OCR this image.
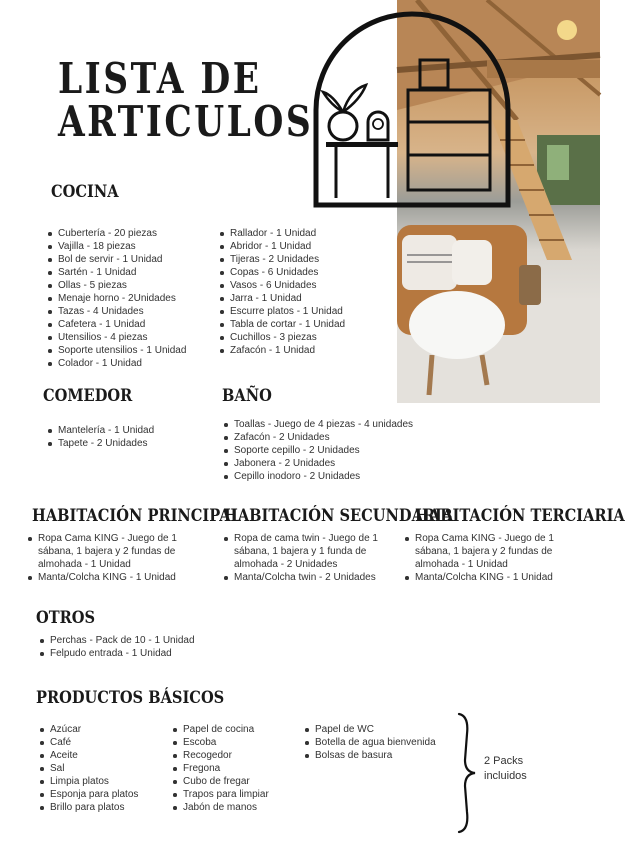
LISTA DE
ARTICULOS
COCINA
Cubertería - 20 piezas
Vajilla - 18 piezas
Bol de servir - 1 Unidad
Sartén - 1 Unidad
Ollas - 5 piezas
Menaje horno - 2Unidades
Tazas - 4 Unidades
Cafetera - 1 Unidad
Utensilios - 4 piezas
Soporte utensilios - 1 Unidad
Colador - 1 Unidad
Rallador - 1 Unidad
Abridor - 1 Unidad
Tijeras - 2 Unidades
Copas - 6 Unidades
Vasos - 6 Unidades
Jarra - 1 Unidad
Escurre platos - 1 Unidad
Tabla de cortar - 1 Unidad
Cuchillos - 3 piezas
Zafacón - 1 Unidad
COMEDOR
Mantelería - 1 Unidad
Tapete - 2 Unidades
BAÑO
Toallas - Juego de 4 piezas - 4 unidades
Zafacón - 2 Unidades
Soporte cepillo - 2 Unidades
Jabonera - 2 Unidades
Cepillo inodoro - 2 Unidades
HABITACIÓN PRINCIPAL
Ropa Cama KING - Juego de 1 sábana, 1 bajera y 2 fundas de almohada - 1 Unidad
Manta/Colcha KING - 1 Unidad
HABITACIÓN SECUNDARIA
Ropa de cama twin - Juego de 1 sábana, 1 bajera y 1 funda de almohada - 2 Unidades
Manta/Colcha twin - 2 Unidades
HABITACIÓN TERCIARIA
Ropa Cama KING - Juego de 1 sábana, 1 bajera y 2 fundas de almohada - 1 Unidad
Manta/Colcha KING - 1 Unidad
OTROS
Perchas - Pack de 10 - 1 Unidad
Felpudo entrada - 1 Unidad
PRODUCTOS BÁSICOS
Azúcar
Café
Aceite
Sal
Limpia platos
Esponja para platos
Brillo para platos
Papel de cocina
Escoba
Recogedor
Fregona
Cubo de fregar
Trapos para limpiar
Jabón de manos
Papel de WC
Botella de agua bienvenida
Bolsas de basura	2 Packs
incluidos
